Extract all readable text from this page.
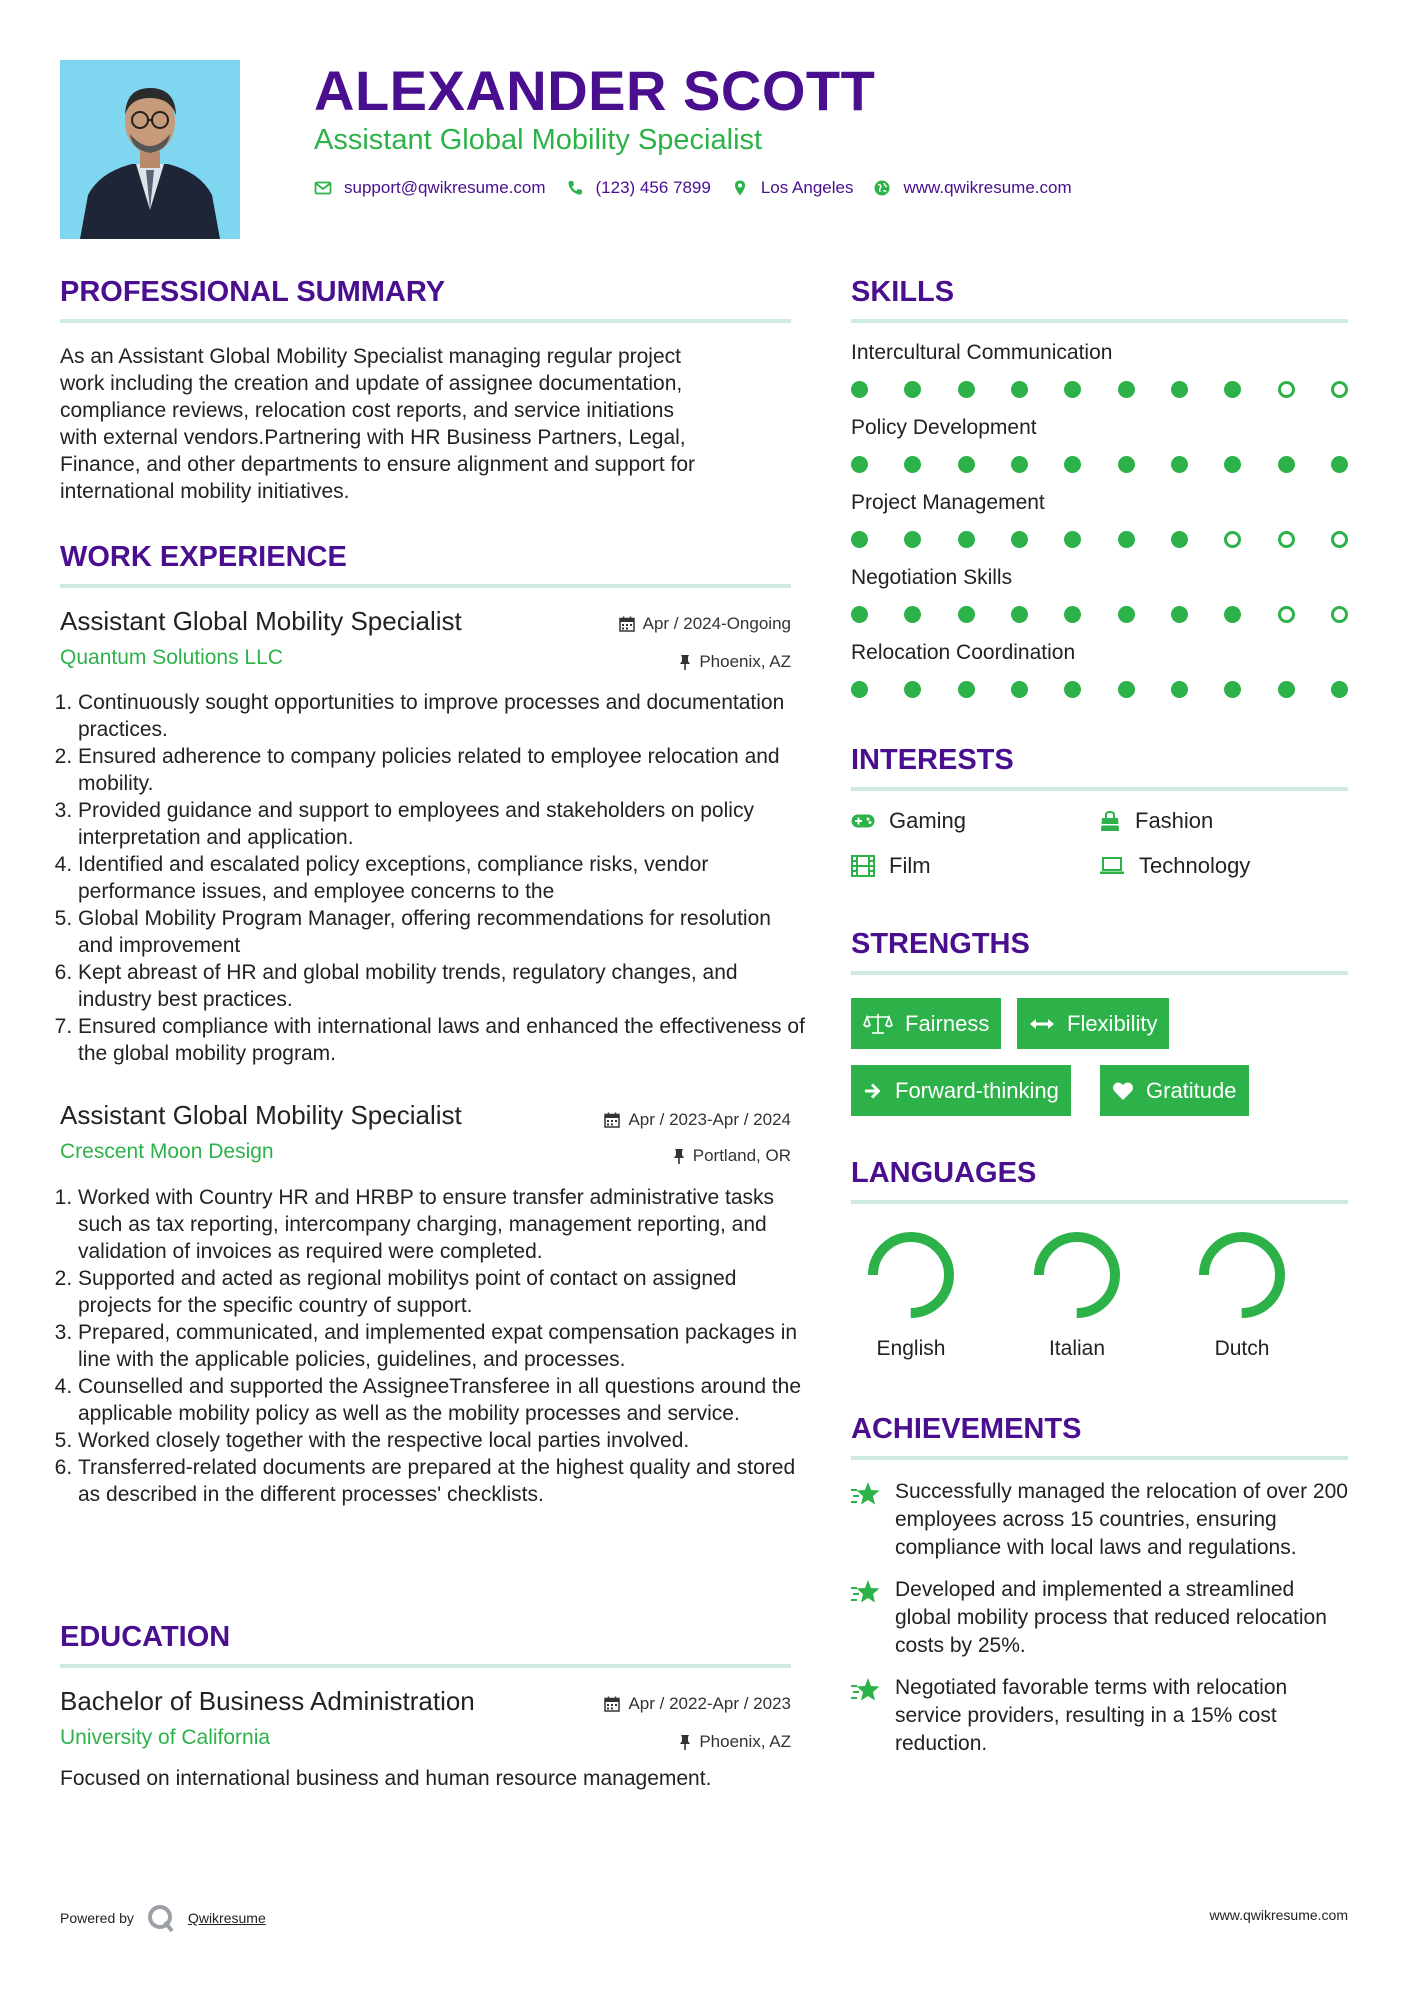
ALEXANDER SCOTT
Assistant Global Mobility Specialist
support@qwikresume.com	(123) 456 7899	Los Angeles	www.qwikresume.com
PROFESSIONAL SUMMARY
As an Assistant Global Mobility Specialist managing regular project
work including the creation and update of assignee documentation,
compliance reviews, relocation cost reports, and service initiations
with external vendors.Partnering with HR Business Partners, Legal,
Finance, and other departments to ensure alignment and support for
international mobility initiatives.
WORK EXPERIENCE
Assistant Global Mobility Specialist	Apr / 2024-Ongoing
Quantum Solutions LLC	Phoenix, AZ
1. Continuously sought opportunities to improve processes and documentation practices.
2. Ensured adherence to company policies related to employee relocation and mobility.
3. Provided guidance and support to employees and stakeholders on policy interpretation and application.
4. Identified and escalated policy exceptions, compliance risks, vendor performance issues, and employee concerns to the
5. Global Mobility Program Manager, offering recommendations for resolution and improvement
6. Kept abreast of HR and global mobility trends, regulatory changes, and industry best practices.
7. Ensured compliance with international laws and enhanced the effectiveness of the global mobility program.
Assistant Global Mobility Specialist	Apr / 2023-Apr / 2024
Crescent Moon Design	Portland, OR
1. Worked with Country HR and HRBP to ensure transfer administrative tasks such as tax reporting, intercompany charging, management reporting, and validation of invoices as required were completed.
2. Supported and acted as regional mobilitys point of contact on assigned projects for the specific country of support.
3. Prepared, communicated, and implemented expat compensation packages in line with the applicable policies, guidelines, and processes.
4. Counselled and supported the AssigneeTransferee in all questions around the applicable mobility policy as well as the mobility processes and service.
5. Worked closely together with the respective local parties involved.
6. Transferred-related documents are prepared at the highest quality and stored as described in the different processes' checklists.
EDUCATION
Bachelor of Business Administration	Apr / 2022-Apr / 2023
University of California	Phoenix, AZ
Focused on international business and human resource management.
SKILLS
Intercultural Communication
Policy Development
Project Management
Negotiation Skills
Relocation Coordination
INTERESTS
Gaming	Fashion
Film	Technology
STRENGTHS
Fairness	Flexibility
Forward-thinking	Gratitude
LANGUAGES
English	Italian	Dutch
ACHIEVEMENTS
Successfully managed the relocation of over 200 employees across 15 countries, ensuring compliance with local laws and regulations.
Developed and implemented a streamlined global mobility process that reduced relocation costs by 25%.
Negotiated favorable terms with relocation service providers, resulting in a 15% cost reduction.
Powered by	Qwikresume	www.qwikresume.com
